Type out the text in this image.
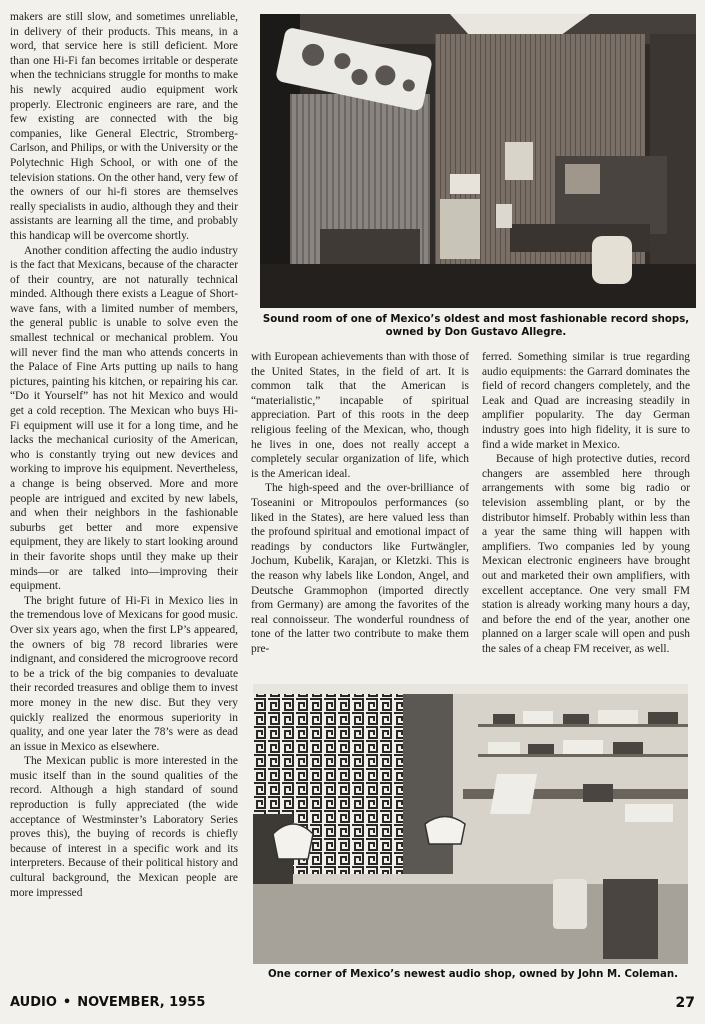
makers are still slow, and sometimes unreliable, in delivery of their products. This means, in a word, that service here is still deficient. More than one Hi-Fi fan becomes irritable or desperate when the technicians struggle for months to make his newly acquired audio equipment work properly. Electronic engineers are rare, and the few existing are connected with the big companies, like General Electric, Stromberg-Carlson, and Philips, or with the University or the Polytechnic High School, or with one of the television stations. On the other hand, very few of the owners of our hi-fi stores are themselves really specialists in audio, although they and their assistants are learning all the time, and probably this handicap will be overcome shortly.

Another condition affecting the audio industry is the fact that Mexicans, because of the character of their country, are not naturally technical minded. Although there exists a League of Short-wave fans, with a limited number of members, the general public is unable to solve even the smallest technical or mechanical problem. You will never find the man who attends concerts in the Palace of Fine Arts putting up nails to hang pictures, painting his kitchen, or repairing his car. “Do it Yourself” has not hit Mexico and would get a cold reception. The Mexican who buys Hi-Fi equipment will use it for a long time, and he lacks the mechanical curiosity of the American, who is constantly trying out new devices and working to improve his equipment. Nevertheless, a change is being observed. More and more people are intrigued and excited by new labels, and when their neighbors in the fashionable suburbs get better and more expensive equipment, they are likely to start looking around in their favorite shops until they make up their minds—or are talked into—improving their equipment.

The bright future of Hi-Fi in Mexico lies in the tremendous love of Mexicans for good music. Over six years ago, when the first LP’s appeared, the owners of big 78 record libraries were indignant, and considered the microgroove record to be a trick of the big companies to devaluate their recorded treasures and oblige them to invest more money in the new disc. But they very quickly realized the enormous superiority in quality, and one year later the 78’s were as dead an issue in Mexico as elsewhere.

The Mexican public is more interested in the music itself than in the sound qualities of the record. Although a high standard of sound reproduction is fully appreciated (the wide acceptance of Westminster’s Laboratory Series proves this), the buying of records is chiefly because of interest in a specific work and its interpreters. Because of their political history and cultural background, the Mexican people are more impressed

Sound room of one of Mexico’s oldest and most fashionable record shops, owned by Don Gustavo Allegre.

with European achievements than with those of the United States, in the field of art. It is common talk that the American is “materialistic,” incapable of spiritual appreciation. Part of this roots in the deep religious feeling of the Mexican, who, though he lives in one, does not really accept a completely secular organization of life, which is the American ideal.

The high-speed and the over-brilliance of Toseanini or Mitropoulos performances (so liked in the States), are here valued less than the profound spiritual and emotional impact of readings by conductors like Furtwängler, Jochum, Kubelik, Karajan, or Kletzki. This is the reason why labels like London, Angel, and Deutsche Grammophon (imported directly from Germany) are among the favorites of the real connoisseur. The wonderful roundness of tone of the latter two contribute to make them pre-

ferred. Something similar is true regarding audio equipments: the Garrard dominates the field of record changers completely, and the Leak and Quad are increasing steadily in amplifier popularity. The day German industry goes into high fidelity, it is sure to find a wide market in Mexico.

Because of high protective duties, record changers are assembled here through arrangements with some big radio or television assembling plant, or by the distributor himself. Probably within less than a year the same thing will happen with amplifiers. Two companies led by young Mexican electronic engineers have brought out and marketed their own amplifiers, with excellent acceptance. One very small FM station is already working many hours a day, and before the end of the year, another one planned on a larger scale will open and push the sales of a cheap FM receiver, as well.

One corner of Mexico’s newest audio shop, owned by John M. Coleman.
AUDIO • NOVEMBER, 1955	27
